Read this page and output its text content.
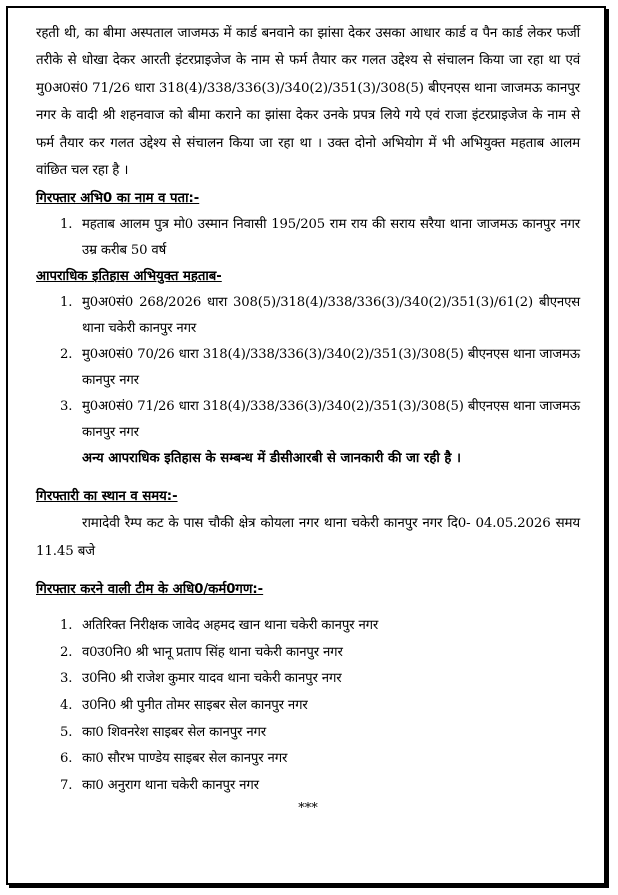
रहती थी, का बीमा अस्पताल जाजमऊ में कार्ड बनवाने का झांसा देकर उसका आधार कार्ड व पैन कार्ड लेकर फर्जी तरीके से धोखा देकर आरती इंटरप्राइजेज के नाम से फर्म तैयार कर गलत उद्देश्य से संचालन किया जा रहा था एवं मु0अ0सं0 71/26 धारा 318(4)/338/336(3)/340(2)/351(3)/308(5) बीएनएस थाना जाजमऊ कानपुर नगर के वादी श्री शहनवाज को बीमा कराने का झांसा देकर उनके प्रपत्र लिये गये एवं राजा इंटरप्राइजेज के नाम से फर्म तैयार कर गलत उद्देश्य से संचालन किया जा रहा था । उक्त दोनो अभियोग में भी अभियुक्त महताब आलम वांछित चल रहा है ।

गिरफ्तार अभि0 का नाम व पता:-

1. महताब आलम पुत्र मो0 उस्मान निवासी 195/205 राम राय की सराय सरैया थाना जाजमऊ कानपुर नगर उम्र करीब 50 वर्ष

आपराधिक इतिहास अभियुक्त महताब-

1. मु0अ0सं0 268/2026 धारा 308(5)/318(4)/338/336(3)/340(2)/351(3)/61(2) बीएनएस थाना चकेरी कानपुर नगर
2. मु0अ0सं0 70/26 धारा 318(4)/338/336(3)/340(2)/351(3)/308(5) बीएनएस थाना जाजमऊ कानपुर नगर
3. मु0अ0सं0 71/26 धारा 318(4)/338/336(3)/340(2)/351(3)/308(5) बीएनएस थाना जाजमऊ कानपुर नगर

अन्य आपराधिक इतिहास के सम्बन्ध में डीसीआरबी से जानकारी की जा रही है ।

गिरफ्तारी का स्थान व समय:-

रामादेवी रैम्प कट के पास चौकी क्षेत्र कोयला नगर थाना चकेरी कानपुर नगर दि0- 04.05.2026 समय 11.45 बजे

गिरफ्तार करने वाली टीम के अधि0/कर्म0गण:-

1. अतिरिक्त निरीक्षक जावेद अहमद खान थाना चकेरी कानपुर नगर
2. व0उ0नि0 श्री भानू प्रताप सिंह थाना चकेरी कानपुर नगर
3. उ0नि0 श्री राजेश कुमार यादव थाना चकेरी कानपुर नगर
4. उ0नि0 श्री पुनीत तोमर साइबर सेल कानपुर नगर
5. का0 शिवनरेश साइबर सेल कानपुर नगर
6. का0 सौरभ पाण्डेय साइबर सेल कानपुर नगर
7. का0 अनुराग थाना चकेरी कानपुर नगर

***
